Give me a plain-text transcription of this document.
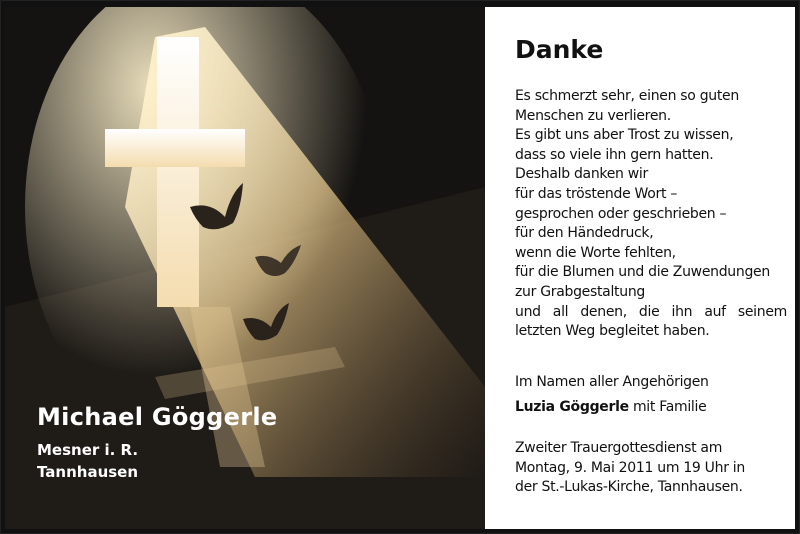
Michael Göggerle
Mesner i. R.
Tannhausen
Danke
Es schmerzt sehr, einen so guten
Menschen zu verlieren.
Es gibt uns aber Trost zu wissen,
dass so viele ihn gern hatten.
Deshalb danken wir
für das tröstende Wort –
gesprochen oder geschrieben –
für den Händedruck,
wenn die Worte fehlten,
für die Blumen und die Zuwendungen
zur Grabgestaltung
und all denen, die ihn auf seinem
letzten Weg begleitet haben.
Im Namen aller Angehörigen
Luzia Göggerle mit Familie
Zweiter Trauergottesdienst am
Montag, 9. Mai 2011 um 19 Uhr in
der St.-Lukas-Kirche, Tannhausen.
